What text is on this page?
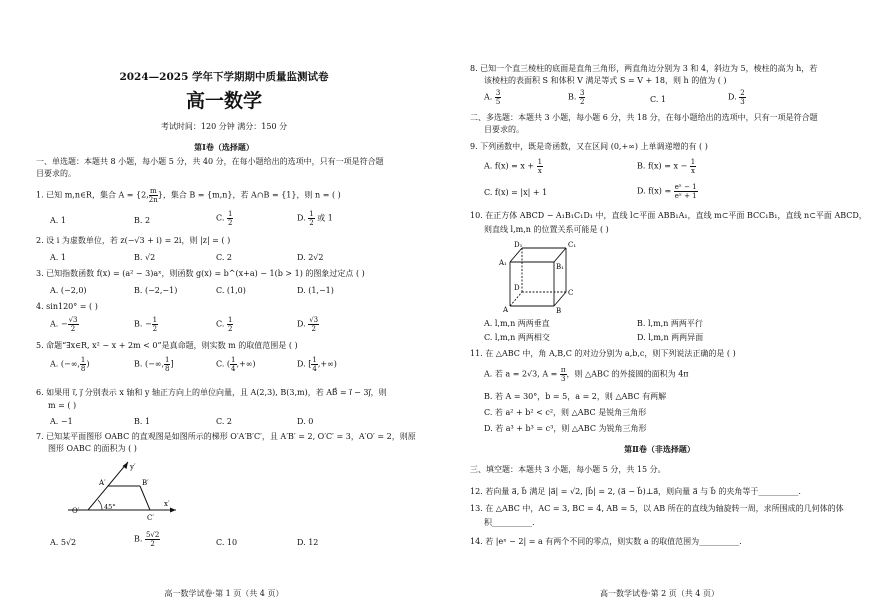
2024—2025 学年下学期期中质量监测试卷
高一数学
考试时间：120 分钟 满分：150 分
第Ⅰ卷（选择题）
一、单选题：本题共 8 小题，每小题 5 分，共 40 分，在每小题给出的选项中，只有一项是符合题
目要求的。
1. 已知 m,n∈R，集合 A = {2, $\frac{m}{2n}$ }，集合 B = {m,n}，若 A∩B = {1}，则 n = ( )
A. 1	B. 2	C. $\frac{1}{2}$	D. $\frac{1}{2}$ 或 1
2. 设 i 为虚数单位，若 z(−√3 + i) = 2i，则 |z| = ( )
A. 1	B. √2	C. 2	D. 2√2
3. 已知指数函数 f(x) = (a² − 3)aˣ，则函数 g(x) = b^(x+a) − 1(b > 1) 的图象过定点 ( )
A. (−2,0)	B. (−2,−1)	C. (1,0)	D. (1,−1)
4. sin120° = ( )
A. − $\frac{√3}{2}$	B. − $\frac{1}{2}$	C. $\frac{1}{2}$	D. $\frac{√3}{2}$
5. 命题“∃x∈R, x² − x + 2m < 0”是真命题，则实数 m 的取值范围是 ( )
A. (−∞, $\frac{1}{8}$ )	B. (−∞, $\frac{1}{8}$ ]	C. ( $\frac{1}{4}$ ,+∞)	D. [ $\frac{1}{4}$ ,+∞)
6. 如果用 i⃗, j⃗ 分别表示 x 轴和 y 轴正方向上的单位向量，且 A(2,3), B(3,m)，若 AB⃗ = i⃗ − 3j⃗，则
m = ( )
A. −1	B. 1	C. 2	D. 0
7. 已知某平面图形 OABC 的直观图是如图所示的梯形 O′A′B′C′，且 A′B′ = 2, O′C′ = 3，A′O′ = 2，则原
图形 OABC 的面积为 ( )
y′
A′	B′
O′	45°
C′
x′
A. 5√2	B. $\frac{5√2}{2}$	C. 10	D. 12
高一数学试卷·第 1 页（共 4 页）
8. 已知一个直三棱柱的底面是直角三角形，两直角边分别为 3 和 4，斜边为 5，棱柱的高为 h，若
该棱柱的表面积 S 和体积 V 满足等式 S = V + 18，则 h 的值为 ( )
A. $\frac{3}{5}$	B. $\frac{3}{2}$	C. 1	D. $\frac{2}{3}$
二、多选题：本题共 3 小题，每小题 6 分，共 18 分，在每小题给出的选项中，只有一项是符合题
目要求的。
9. 下列函数中，既是奇函数，又在区间 (0,+∞) 上单调递增的有 ( )
A. $f(x) = x + \frac{1}{x}$	B. $f(x) = x - \frac{1}{x}$
C. f(x) = |x| + 1	D. $f(x) = \frac{\text{eˣ − 1}}{\text{eˣ + 1}}$
10. 在正方体 ABCD − A₁B₁C₁D₁ 中，直线 l⊂平面 ABB₁A₁，直线 m⊂平面 BCC₁B₁，直线 n⊂平面 ABCD，
则直线 l,m,n 的位置关系可能是 ( )
D₁	C₁
A₁	B₁
D
C
A	B
A. l,m,n 两两垂直	B. l,m,n 两两平行
C. l,m,n 两两相交	D. l,m,n 两两异面
11. 在 △ABC 中，角 A,B,C 的对边分别为 a,b,c，则下列说法正确的是 ( )
A. 若 a = 2√3, $A = \frac{\pi}{3}$ ，则 △ABC 的外接圆的面积为 4π
B. 若 A = 30°，b = 5，a = 2，则 △ABC 有两解
C. 若 a² + b² < c²，则 △ABC 是锐角三角形
D. 若 a³ + b³ = c³，则 △ABC 为锐角三角形
第Ⅱ卷（非选择题）
三、填空题：本题共 3 小题，每小题 5 分，共 15 分。
12. 若向量 a⃗, b⃗ 满足 |a⃗| = √2, |b⃗| = 2, (a⃗ − b⃗)⊥a⃗，则向量 a⃗ 与 b⃗ 的夹角等于__________.
13. 在 △ABC 中，AC = 3, BC = 4, AB = 5，以 AB 所在的直线为轴旋转一周，求所围成的几何体的体
积__________.
14. 若 |eˣ − 2| = a 有两个不同的零点，则实数 a 的取值范围为__________.
高一数学试卷·第 2 页（共 4 页）
